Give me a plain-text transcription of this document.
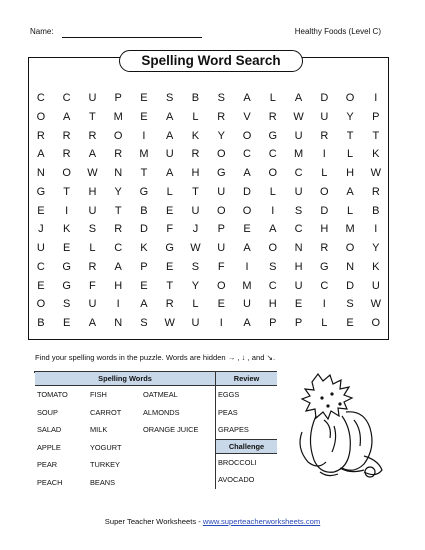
Name:	Healthy Foods (Level C)
Spelling Word Search
C	C	U	P	E	S	B	S	A	L	A	D	O	I
O	A	T	M	E	A	L	R	V	R	W	U	Y	P
R	R	R	O	I	A	K	Y	O	G	U	R	T	T
A	R	A	R	M	U	R	O	C	C	M	I	L	K
N	O	W	N	T	A	H	G	A	O	C	L	H	W
G	T	H	Y	G	L	T	U	D	L	U	O	A	R
E	I	U	T	B	E	U	O	O	I	S	D	L	B
J	K	S	R	D	F	J	P	E	A	C	H	M	I
U	E	L	C	K	G	W	U	A	O	N	R	O	Y
C	G	R	A	P	E	S	F	I	S	H	G	N	K
E	G	F	H	E	T	Y	O	M	C	U	C	D	U
O	S	U	I	A	R	L	E	U	H	E	I	S	W
B	E	A	N	S	W	U	I	A	P	P	L	E	O
Find your spelling words in the puzzle. Words are hidden → , ↓ , and ↘.
Spelling Words
TOMATO	FISH	OATMEAL
SOUP	CARROT	ALMONDS
SALAD	MILK	ORANGE JUICE
APPLE	YOGURT
PEAR	TURKEY
PEACH	BEANS
Review
EGGS
PEAS
GRAPES
Challenge
BROCCOLI
AVOCADO
Super Teacher Worksheets - www.superteacherworksheets.com
